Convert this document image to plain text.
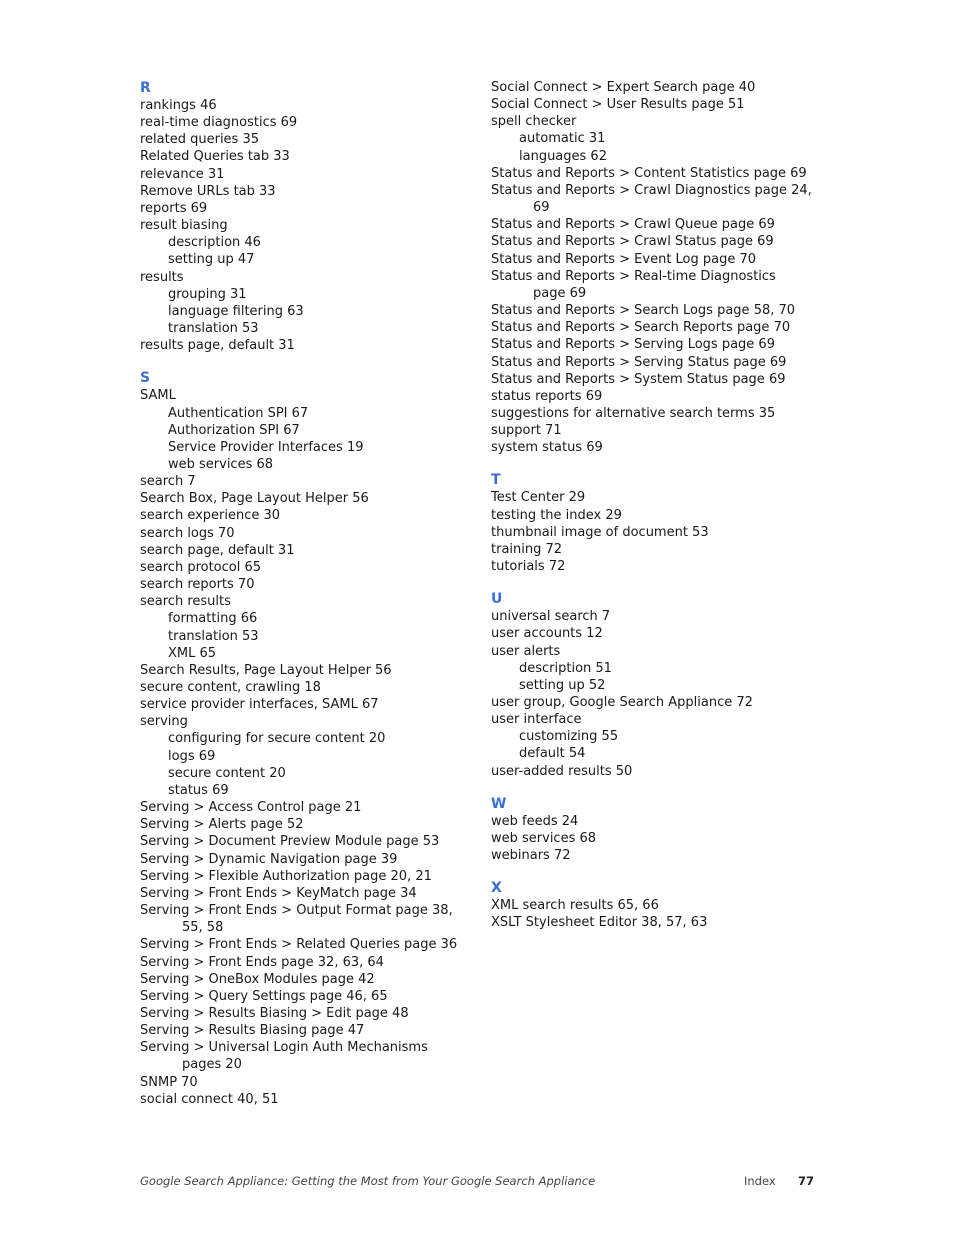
R
rankings 46
real-time diagnostics 69
related queries 35
Related Queries tab 33
relevance 31
Remove URLs tab 33
reports 69
result biasing
description 46
setting up 47
results
grouping 31
language filtering 63
translation 53
results page, default 31
S
SAML
Authentication SPI 67
Authorization SPI 67
Service Provider Interfaces 19
web services 68
search 7
Search Box, Page Layout Helper 56
search experience 30
search logs 70
search page, default 31
search protocol 65
search reports 70
search results
formatting 66
translation 53
XML 65
Search Results, Page Layout Helper 56
secure content, crawling 18
service provider interfaces, SAML 67
serving
configuring for secure content 20
logs 69
secure content 20
status 69
Serving > Access Control page 21
Serving > Alerts page 52
Serving > Document Preview Module page 53
Serving > Dynamic Navigation page 39
Serving > Flexible Authorization page 20, 21
Serving > Front Ends > KeyMatch page 34
Serving > Front Ends > Output Format page 38,
55, 58
Serving > Front Ends > Related Queries page 36
Serving > Front Ends page 32, 63, 64
Serving > OneBox Modules page 42
Serving > Query Settings page 46, 65
Serving > Results Biasing > Edit page 48
Serving > Results Biasing page 47
Serving > Universal Login Auth Mechanisms
pages 20
SNMP 70
social connect 40, 51
Social Connect > Expert Search page 40
Social Connect > User Results page 51
spell checker
automatic 31
languages 62
Status and Reports > Content Statistics page 69
Status and Reports > Crawl Diagnostics page 24,
69
Status and Reports > Crawl Queue page 69
Status and Reports > Crawl Status page 69
Status and Reports > Event Log page 70
Status and Reports > Real-time Diagnostics
page 69
Status and Reports > Search Logs page 58, 70
Status and Reports > Search Reports page 70
Status and Reports > Serving Logs page 69
Status and Reports > Serving Status page 69
Status and Reports > System Status page 69
status reports 69
suggestions for alternative search terms 35
support 71
system status 69
T
Test Center 29
testing the index 29
thumbnail image of document 53
training 72
tutorials 72
U
universal search 7
user accounts 12
user alerts
description 51
setting up 52
user group, Google Search Appliance 72
user interface
customizing 55
default 54
user-added results 50
W
web feeds 24
web services 68
webinars 72
X
XML search results 65, 66
XSLT Stylesheet Editor 38, 57, 63
Google Search Appliance: Getting the Most from Your Google Search Appliance	Index 77
